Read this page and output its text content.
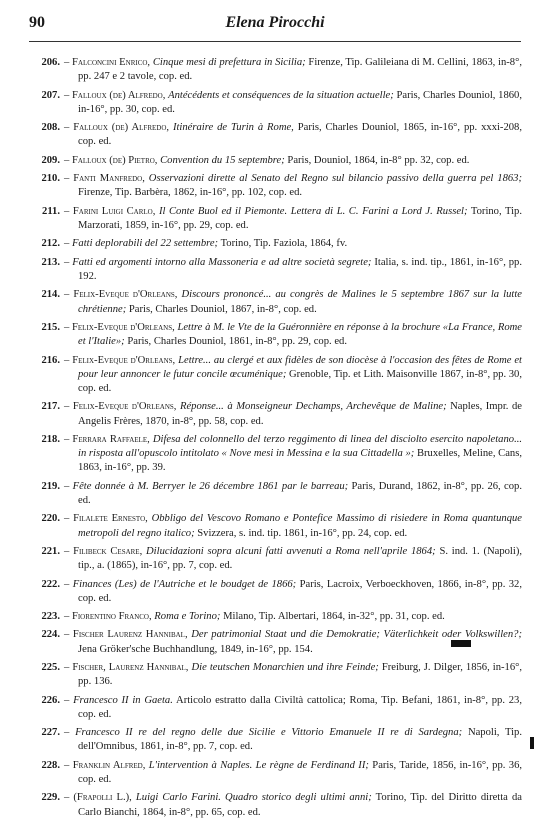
90	Elena Pirocchi
206. – Falconcini Enrico, Cinque mesi di prefettura in Sicilia; Firenze, Tip. Galileiana di M. Cellini, 1863, in-8°, pp. 247 e 2 tavole, cop. ed.
207. – Falloux (de) Alfredo, Antécédents et conséquences de la situation actuelle; Paris, Charles Douniol, 1860, in-16°, pp. 30, cop. ed.
208. – Falloux (de) Alfredo, Itinéraire de Turin à Rome, Paris, Charles Douniol, 1865, in-16°, pp. xxxi-208, cop. ed.
209. – Falloux (de) Pietro, Convention du 15 septembre; Paris, Douniol, 1864, in-8° pp. 32, cop. ed.
210. – Fanti Manfredo, Osservazioni dirette al Senato del Regno sul bilancio passivo della guerra pel 1863; Firenze, Tip. Barbèra, 1862, in-16°, pp. 102, cop. ed.
211. – Farini Luigi Carlo, Il Conte Buol ed il Piemonte. Lettera di L. C. Farini a Lord J. Russel; Torino, Tip. Marzorati, 1859, in-16°, pp. 29, cop. ed.
212. – Fatti deplorabili del 22 settembre; Torino, Tip. Faziola, 1864, fv.
213. – Fatti ed argomenti intorno alla Massoneria e ad altre società segrete; Italia, s. ind. tip., 1861, in-16°, pp. 192.
214. – Felix-Eveque d'Orleans, Discours prononcé... au congrès de Malines le 5 septembre 1867 sur la lutte chrétienne; Paris, Charles Douniol, 1867, in-8°, cop. ed.
215. – Felix-Eveque d'Orleans, Lettre à M. le Vte de la Guéronnière en réponse à la brochure «La France, Rome et l'Italie»; Paris, Charles Douniol, 1861, in-8°, pp. 29, cop. ed.
216. – Felix-Eveque d'Orleans, Lettre... au clergé et aux fidèles de son diocèse à l'occasion des fêtes de Rome et pour leur annoncer le futur concile œcuménique; Grenoble, Tip. et Lith. Maisonville 1867, in-8°, pp. 30, cop. ed.
217. – Felix-Eveque d'Orleans, Réponse... à Monseigneur Dechamps, Archevêque de Maline; Naples, Impr. de Angelis Frères, 1870, in-8°, pp. 58, cop. ed.
218. – Ferrara Raffaele, Difesa del colonnello del terzo reggimento di linea del disciolto esercito napoletano... in risposta all'opuscolo intitolato « Nove mesi in Messina e la sua Cittadella »; Bruxelles, Meline, Cans, 1863, in-16°, pp. 39.
219. – Fête donnée à M. Berryer le 26 décembre 1861 par le barreau; Paris, Durand, 1862, in-8°, pp. 26, cop. ed.
220. – Filalete Ernesto, Obbligo del Vescovo Romano e Pontefice Massimo di risiedere in Roma quantunque metropoli del regno italico; Svizzera, s. ind. tip. 1861, in-16°, pp. 24, cop. ed.
221. – Filibeck Cesare, Dilucidazioni sopra alcuni fatti avvenuti a Roma nell'aprile 1864; S. ind. 1. (Napoli), tip., a. (1865), in-16°, pp. 7, cop. ed.
222. – Finances (Les) de l'Autriche et le boudget de 1866; Paris, Lacroix, Verboeckhoven, 1866, in-8°, pp. 32, cop. ed.
223. – Fiorentino Franco, Roma e Torino; Milano, Tip. Albertari, 1864, in-32°, pp. 31, cop. ed.
224. – Fischer Laurenz Hannibal, Der patrimonial Staat und die Demokratie; Väterlichkeit oder Volkswillen?; Jena Gröker'sche Buchhandlung, 1849, in-16°, pp. 154.
225. – Fischer, Laurenz Hannibal, Die teutschen Monarchien und ihre Feinde; Freiburg, J. Dilger, 1856, in-16°, pp. 136.
226. – Francesco II in Gaeta. Articolo estratto dalla Civiltà cattolica; Roma, Tip. Befani, 1861, in-8°, pp. 23, cop. ed.
227. – Francesco II re del regno delle due Sicilie e Vittorio Emanuele II re di Sardegna; Napoli, Tip. dell'Omnibus, 1861, in-8°, pp. 7, cop. ed.
228. – Franklin Alfred, L'intervention à Naples. Le règne de Ferdinand II; Paris, Taride, 1856, in-16°, pp. 36, cop. ed.
229. – (Frapolli L.), Luigi Carlo Farini. Quadro storico degli ultimi anni; Torino, Tip. del Diritto diretta da Carlo Bianchi, 1864, in-8°, pp. 65, cop. ed.
